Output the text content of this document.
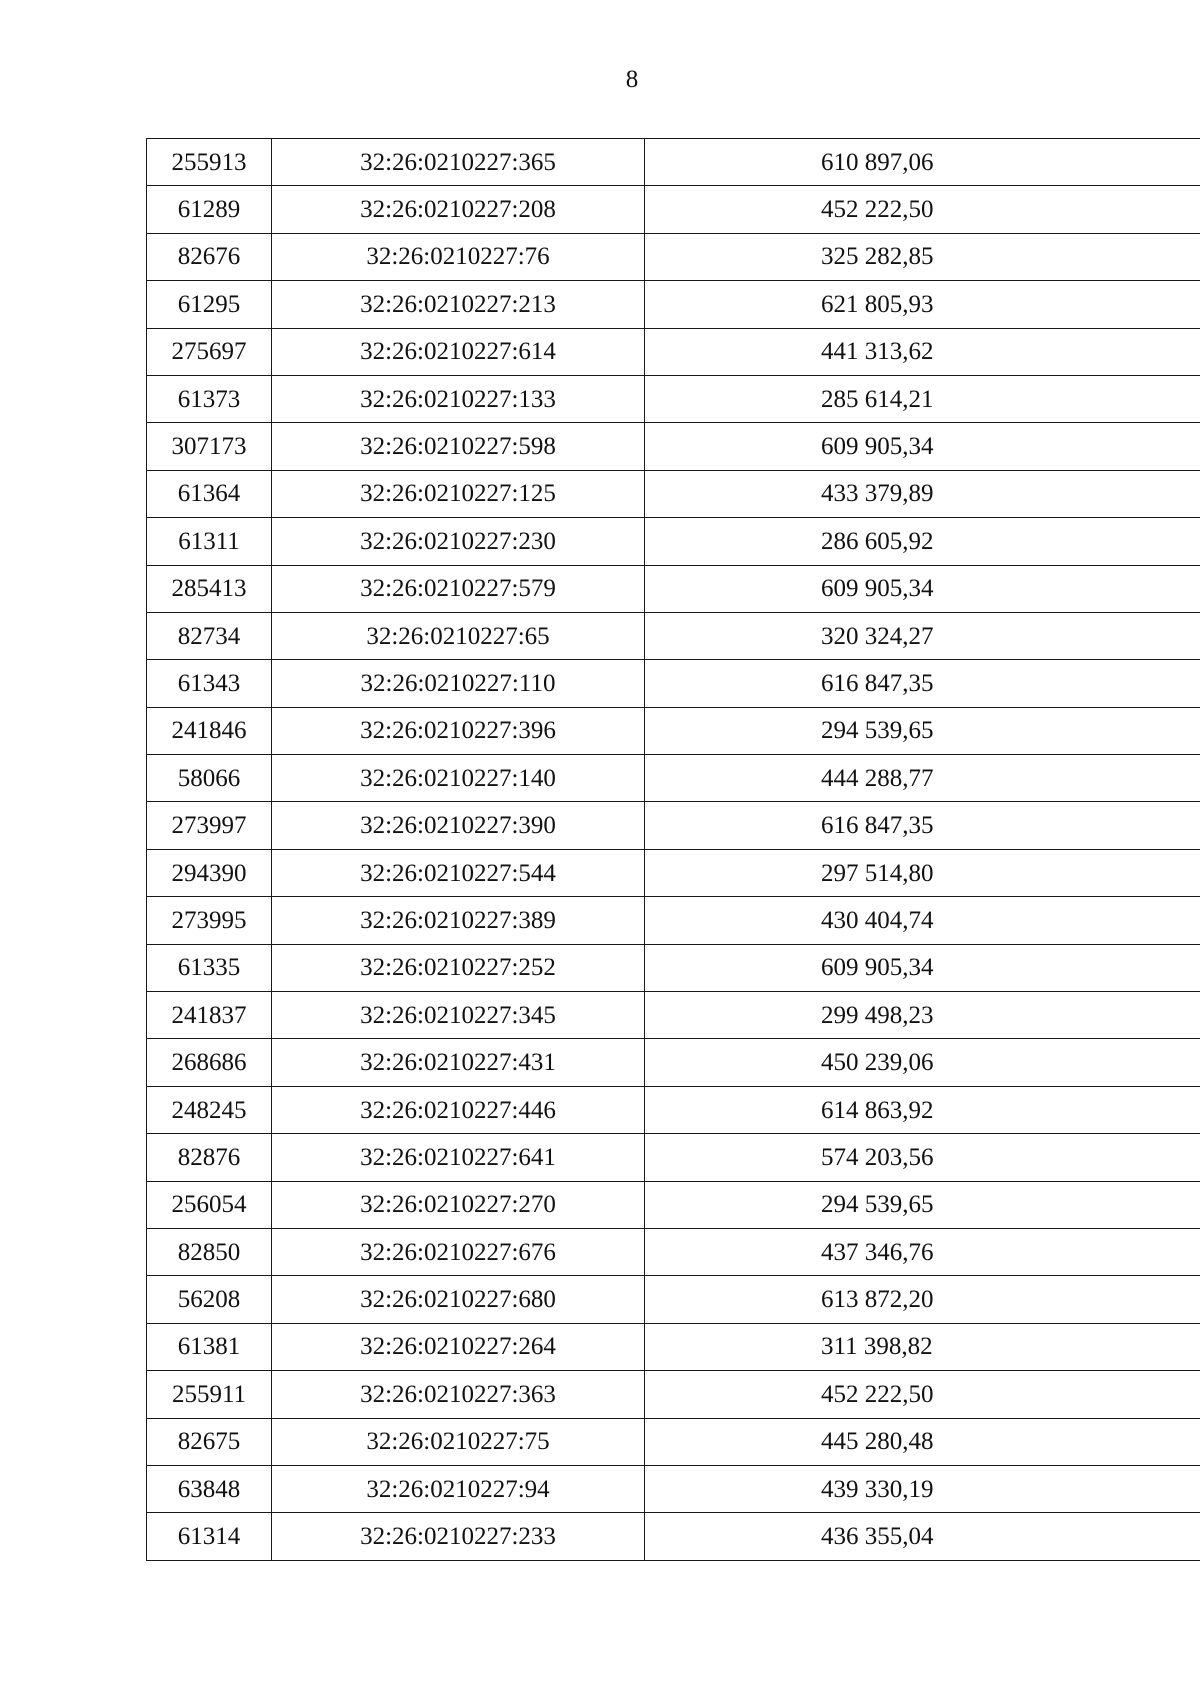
8
255913	32:26:0210227:365	610 897,06
61289	32:26:0210227:208	452 222,50
82676	32:26:0210227:76	325 282,85
61295	32:26:0210227:213	621 805,93
275697	32:26:0210227:614	441 313,62
61373	32:26:0210227:133	285 614,21
307173	32:26:0210227:598	609 905,34
61364	32:26:0210227:125	433 379,89
61311	32:26:0210227:230	286 605,92
285413	32:26:0210227:579	609 905,34
82734	32:26:0210227:65	320 324,27
61343	32:26:0210227:110	616 847,35
241846	32:26:0210227:396	294 539,65
58066	32:26:0210227:140	444 288,77
273997	32:26:0210227:390	616 847,35
294390	32:26:0210227:544	297 514,80
273995	32:26:0210227:389	430 404,74
61335	32:26:0210227:252	609 905,34
241837	32:26:0210227:345	299 498,23
268686	32:26:0210227:431	450 239,06
248245	32:26:0210227:446	614 863,92
82876	32:26:0210227:641	574 203,56
256054	32:26:0210227:270	294 539,65
82850	32:26:0210227:676	437 346,76
56208	32:26:0210227:680	613 872,20
61381	32:26:0210227:264	311 398,82
255911	32:26:0210227:363	452 222,50
82675	32:26:0210227:75	445 280,48
63848	32:26:0210227:94	439 330,19
61314	32:26:0210227:233	436 355,04
